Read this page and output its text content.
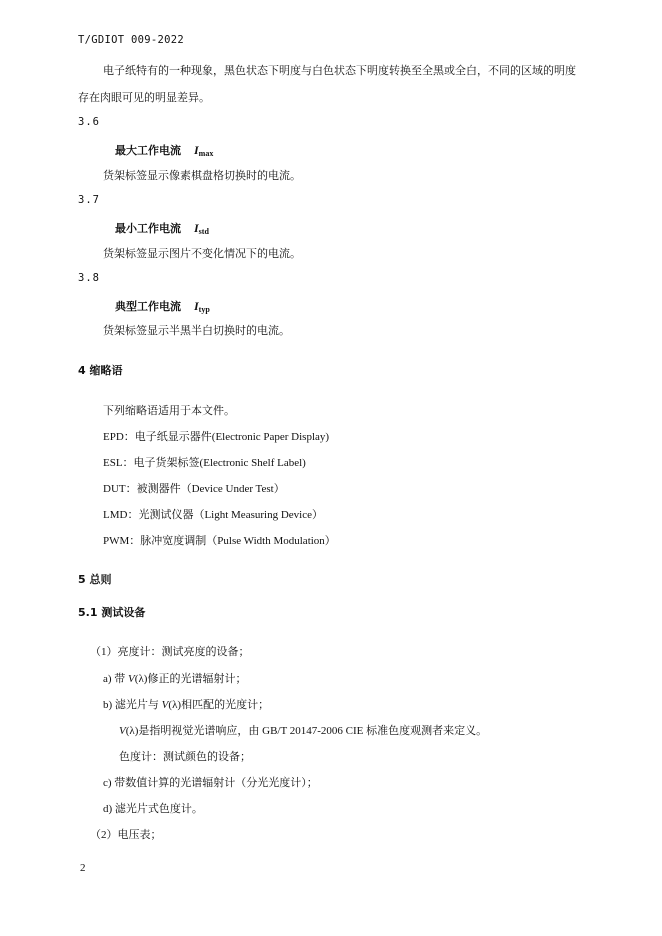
T/GDIOT 009-2022
电子纸特有的一种现象，黑色状态下明度与白色状态下明度转换至全黑或全白，不同的区域的明度
存在肉眼可见的明显差异。
3.6
最大工作电流 $I_{max}$
货架标签显示像素棋盘格切换时的电流。
3.7
最小工作电流 $I_{std}$
货架标签显示图片不变化情况下的电流。
3.8
典型工作电流 $I_{typ}$
货架标签显示半黑半白切换时的电流。
4 缩略语
下列缩略语适用于本文件。
EPD：电子纸显示器件(Electronic Paper Display)
ESL：电子货架标签(Electronic Shelf Label)
DUT：被测器件（Device Under Test）
LMD：光测试仪器（Light Measuring Device）
PWM：脉冲宽度调制（Pulse Width Modulation）
5 总则
5.1 测试设备
（1）亮度计：测试亮度的设备；
a) 带 V(λ)修正的光谱辐射计；
b) 滤光片与 V(λ)相匹配的光度计；
V(λ)是指明视觉光谱响应，由 GB/T 20147-2006 CIE 标准色度观测者来定义。
色度计：测试颜色的设备；
c) 带数值计算的光谱辐射计（分光光度计）；
d) 滤光片式色度计。
（2）电压表；
2
